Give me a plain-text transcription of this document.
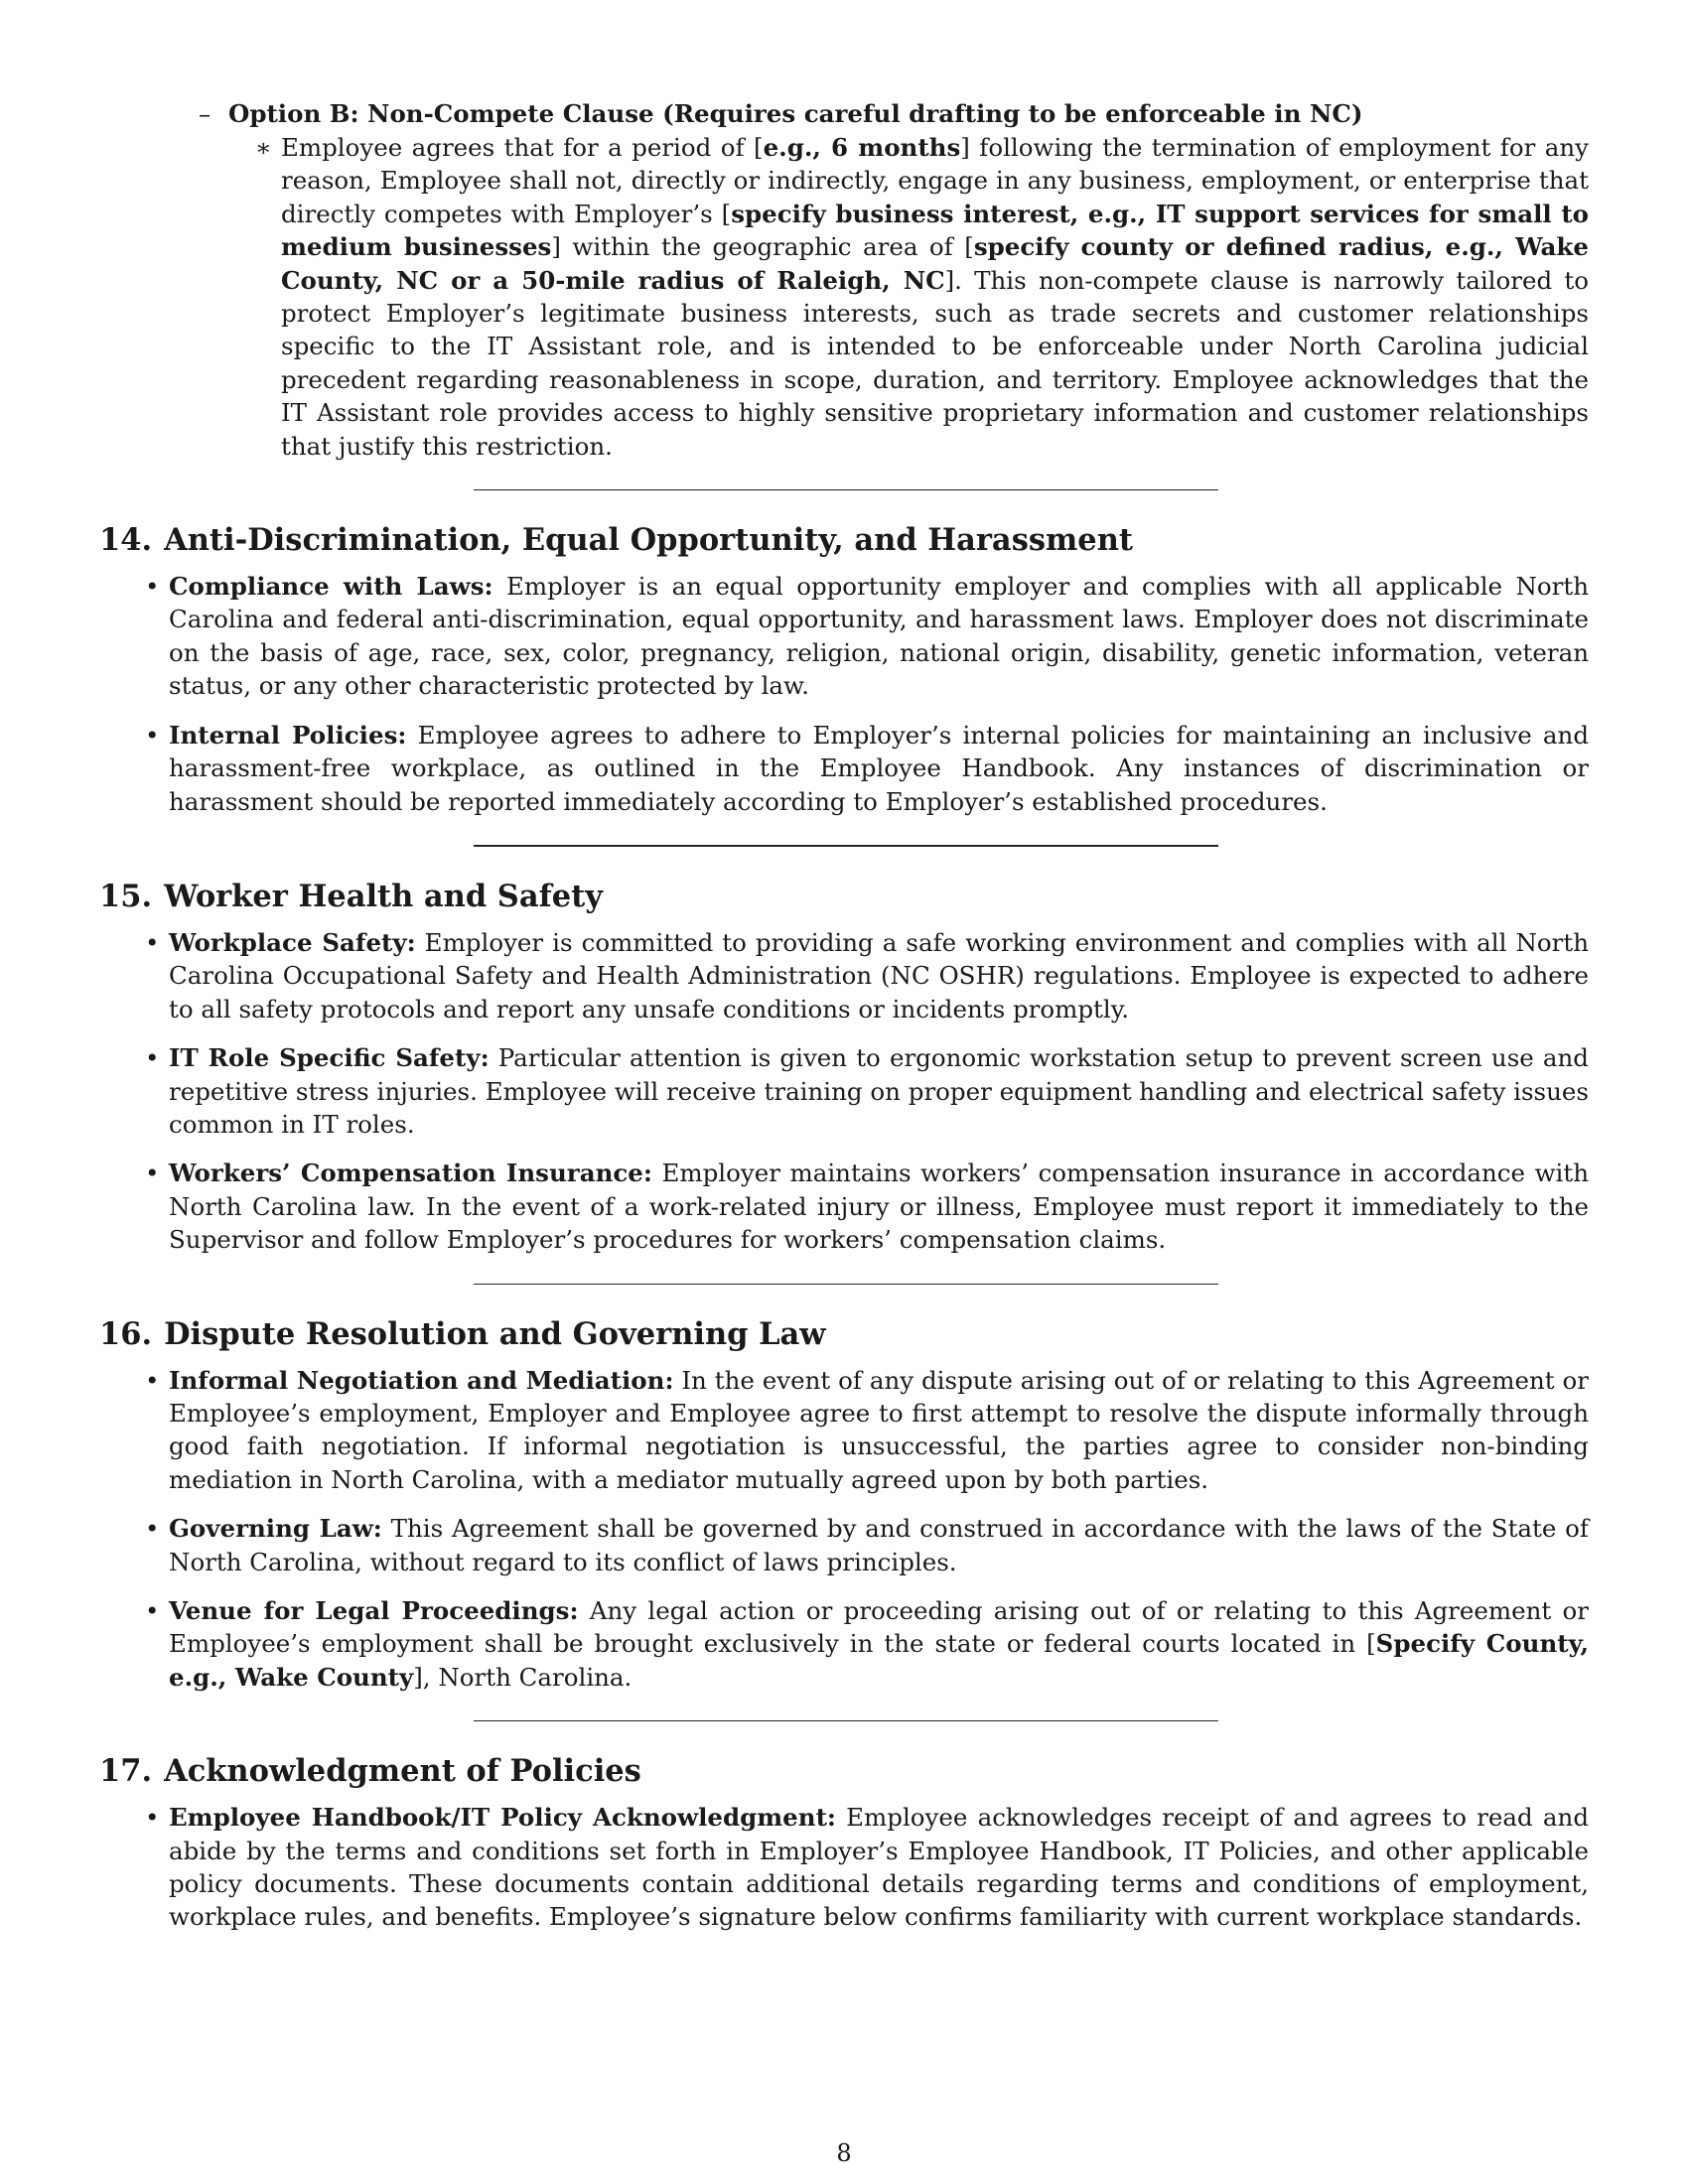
– Option B: Non-Compete Clause (Requires careful drafting to be enforceable in NC)

∗ Employee agrees that for a period of [e.g., 6 months] following the termination of employment for any reason, Employee shall not, directly or indirectly, engage in any business, employment, or enterprise that directly competes with Employer’s [specify business interest, e.g., IT support services for small to medium businesses] within the geographic area of [specify county or defined radius, e.g., Wake County, NC or a 50-mile radius of Raleigh, NC]. This non-compete clause is narrowly tailored to protect Employer’s legitimate business interests, such as trade secrets and customer relationships specific to the IT Assistant role, and is intended to be enforceable under North Carolina judicial precedent regarding reasonableness in scope, duration, and territory. Employee acknowledges that the IT Assistant role provides access to highly sensitive proprietary information and customer relationships that justify this restriction.

14. Anti-Discrimination, Equal Opportunity, and Harassment
• Compliance with Laws: Employer is an equal opportunity employer and complies with all applicable North Carolina and federal anti-discrimination, equal opportunity, and harassment laws. Employer does not discriminate on the basis of age, race, sex, color, pregnancy, religion, national origin, disability, genetic information, veteran status, or any other characteristic protected by law.
• Internal Policies: Employee agrees to adhere to Employer’s internal policies for maintaining an inclusive and harassment-free workplace, as outlined in the Employee Handbook. Any instances of discrimination or harassment should be reported immediately according to Employer’s established procedures.
15. Worker Health and Safety
• Workplace Safety: Employer is committed to providing a safe working environment and complies with all North Carolina Occupational Safety and Health Administration (NC OSHR) regulations. Employee is expected to adhere to all safety protocols and report any unsafe conditions or incidents promptly.
• IT Role Specific Safety: Particular attention is given to ergonomic workstation setup to prevent screen use and repetitive stress injuries. Employee will receive training on proper equipment handling and electrical safety issues common in IT roles.
• Workers’ Compensation Insurance: Employer maintains workers’ compensation insurance in accordance with North Carolina law. In the event of a work-related injury or illness, Employee must report it immediately to the Supervisor and follow Employer’s procedures for workers’ compensation claims.
16. Dispute Resolution and Governing Law
• Informal Negotiation and Mediation: In the event of any dispute arising out of or relating to this Agreement or Employee’s employment, Employer and Employee agree to first attempt to resolve the dispute informally through good faith negotiation. If informal negotiation is unsuccessful, the parties agree to consider non-binding mediation in North Carolina, with a mediator mutually agreed upon by both parties.
• Governing Law: This Agreement shall be governed by and construed in accordance with the laws of the State of North Carolina, without regard to its conflict of laws principles.
• Venue for Legal Proceedings: Any legal action or proceeding arising out of or relating to this Agreement or Employee’s employment shall be brought exclusively in the state or federal courts located in [Specify County, e.g., Wake County], North Carolina.
17. Acknowledgment of Policies
• Employee Handbook/IT Policy Acknowledgment: Employee acknowledges receipt of and agrees to read and abide by the terms and conditions set forth in Employer’s Employee Handbook, IT Policies, and other applicable policy documents. These documents contain additional details regarding terms and conditions of employment, workplace rules, and benefits. Employee’s signature below confirms familiarity with current workplace standards.
8
